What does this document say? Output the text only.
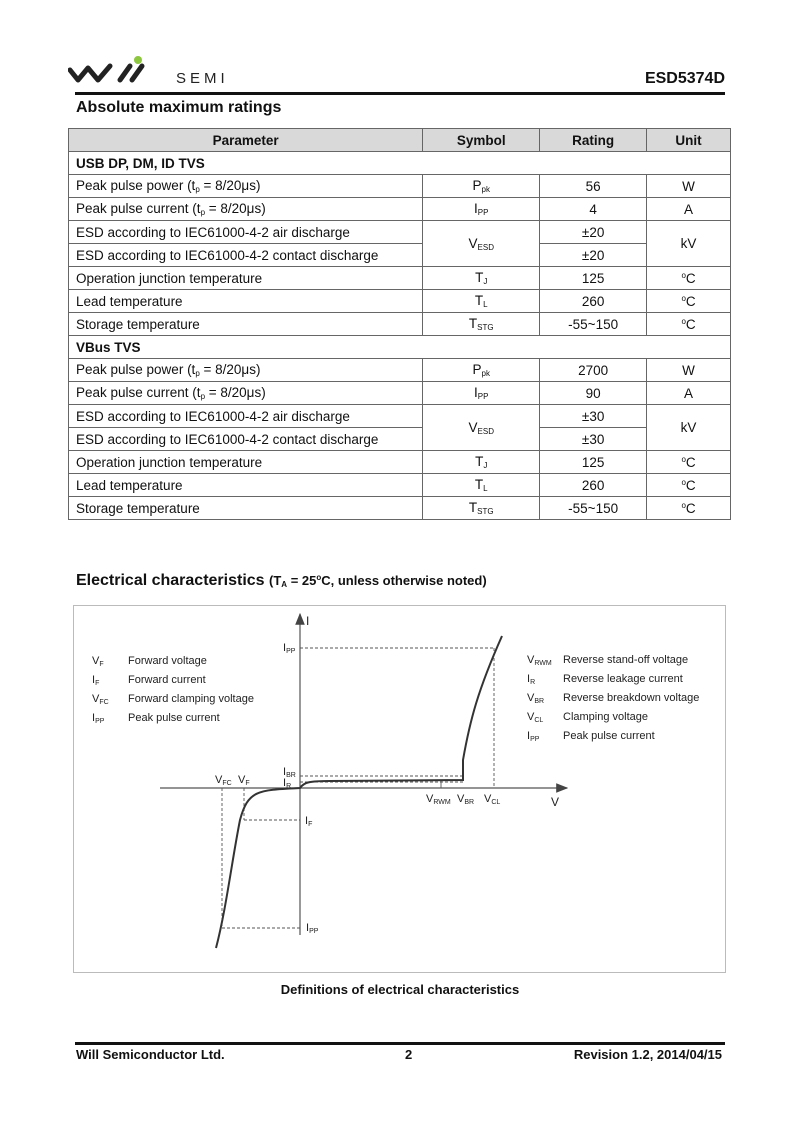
SEMI	ESD5374D
Absolute maximum ratings
Parameter	Symbol	Rating	Unit
USB DP, DM, ID TVS			
Peak pulse power $(t_p = 8/20\mu s)$	$P_{pk}$	56	W
Peak pulse current $(t_p = 8/20\mu s)$	$I_{PP}$	4	A
ESD according to IEC61000-4-2 air discharge	$V_{ESD}$	±20	kV
ESD according to IEC61000-4-2 contact discharge		±20	
Operation junction temperature	$T_J$	125	$^o$C
Lead temperature	$T_L$	260	$^o$C
Storage temperature	$T_{STG}$	-55~150	$^o$C
VBus TVS			
Peak pulse power $(t_p = 8/20\mu s)$	$P_{pk}$	2700	W
Peak pulse current $(t_p = 8/20\mu s)$	$I_{PP}$	90	A
ESD according to IEC61000-4-2 air discharge	$V_{ESD}$	±30	kV
ESD according to IEC61000-4-2 contact discharge		±30	
Operation junction temperature	$T_J$	125	$^o$C
Lead temperature	$T_L$	260	$^o$C
Storage temperature	$T_{STG}$	-55~150	$^o$C
Electrical characteristics ($T_A = 25^oC$, unless otherwise noted)
I
V
IPP
IBR
IR
VFC VF
IF
IPP
VRWM VBR VCL
VF Forward voltage
IF	Forward current
VFC Forward clamping voltage
IPP Peak pulse current
VRWM Reverse stand-off voltage
IR	Reverse leakage current
VBR Reverse breakdown voltage
VCL Clamping voltage
IPP Peak pulse current
Definitions of electrical characteristics
Will Semiconductor Ltd.	2	Revision 1.2, 2014/04/15
